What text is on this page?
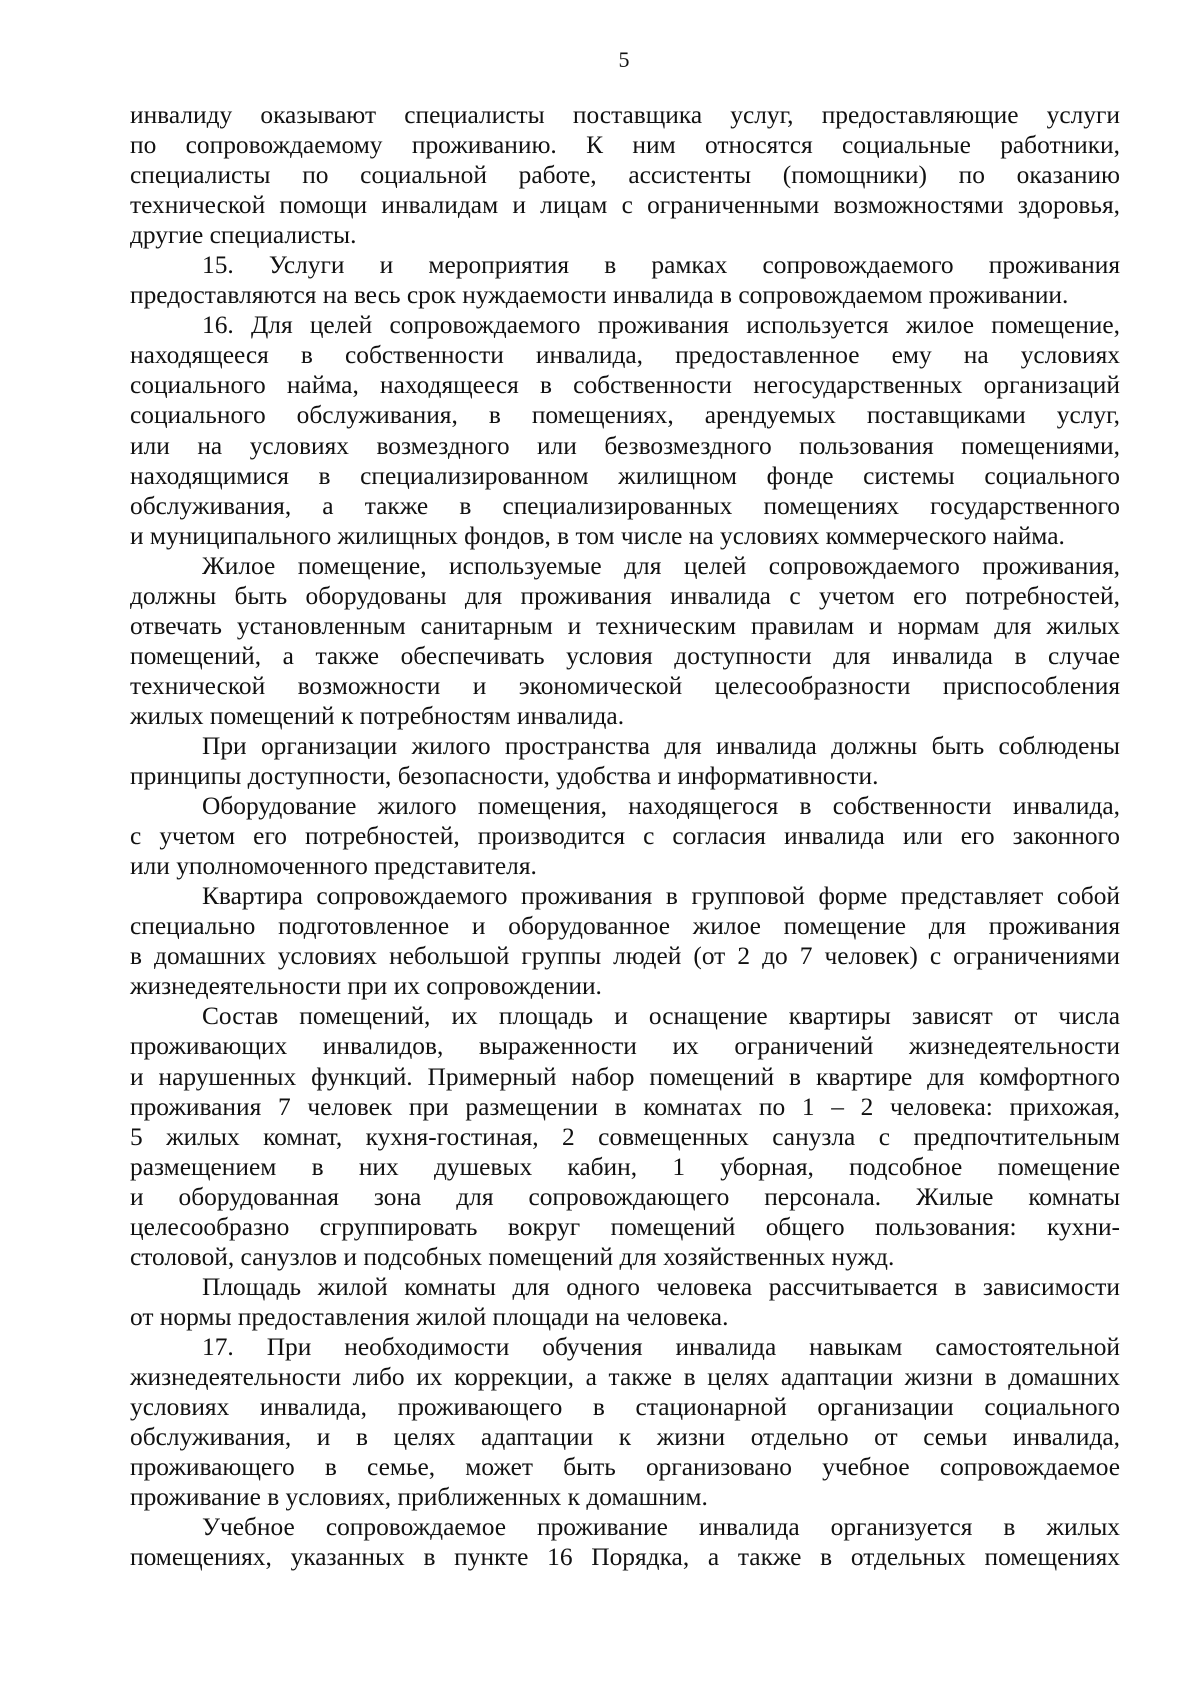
5
инвалиду оказывают специалисты поставщика услуг, предоставляющие услуги
по сопровождаемому проживанию. К ним относятся социальные работники,
специалисты по социальной работе, ассистенты (помощники) по оказанию
технической помощи инвалидам и лицам с ограниченными возможностями здоровья,
другие специалисты.
15. Услуги и мероприятия в рамках сопровождаемого проживания
предоставляются на весь срок нуждаемости инвалида в сопровождаемом проживании.
16. Для целей сопровождаемого проживания используется жилое помещение,
находящееся в собственности инвалида, предоставленное ему на условиях
социального найма, находящееся в собственности негосударственных организаций
социального обслуживания, в помещениях, арендуемых поставщиками услуг,
или на условиях возмездного или безвозмездного пользования помещениями,
находящимися в специализированном жилищном фонде системы социального
обслуживания, а также в специализированных помещениях государственного
и муниципального жилищных фондов, в том числе на условиях коммерческого найма.
Жилое помещение, используемые для целей сопровождаемого проживания,
должны быть оборудованы для проживания инвалида с учетом его потребностей,
отвечать установленным санитарным и техническим правилам и нормам для жилых
помещений, а также обеспечивать условия доступности для инвалида в случае
технической возможности и экономической целесообразности приспособления
жилых помещений к потребностям инвалида.
При организации жилого пространства для инвалида должны быть соблюдены
принципы доступности, безопасности, удобства и информативности.
Оборудование жилого помещения, находящегося в собственности инвалида,
с учетом его потребностей, производится с согласия инвалида или его законного
или уполномоченного представителя.
Квартира сопровождаемого проживания в групповой форме представляет собой
специально подготовленное и оборудованное жилое помещение для проживания
в домашних условиях небольшой группы людей (от 2 до 7 человек) с ограничениями
жизнедеятельности при их сопровождении.
Состав помещений, их площадь и оснащение квартиры зависят от числа
проживающих инвалидов, выраженности их ограничений жизнедеятельности
и нарушенных функций. Примерный набор помещений в квартире для комфортного
проживания 7 человек при размещении в комнатах по 1 – 2 человека: прихожая,
5 жилых комнат, кухня-гостиная, 2 совмещенных санузла с предпочтительным
размещением в них душевых кабин, 1 уборная, подсобное помещение
и оборудованная зона для сопровождающего персонала. Жилые комнаты
целесообразно сгруппировать вокруг помещений общего пользования: кухни-
столовой, санузлов и подсобных помещений для хозяйственных нужд.
Площадь жилой комнаты для одного человека рассчитывается в зависимости
от нормы предоставления жилой площади на человека.
17. При необходимости обучения инвалида навыкам самостоятельной
жизнедеятельности либо их коррекции, а также в целях адаптации жизни в домашних
условиях инвалида, проживающего в стационарной организации социального
обслуживания, и в целях адаптации к жизни отдельно от семьи инвалида,
проживающего в семье, может быть организовано учебное сопровождаемое
проживание в условиях, приближенных к домашним.
Учебное сопровождаемое проживание инвалида организуется в жилых
помещениях, указанных в пункте 16 Порядка, а также в отдельных помещениях
